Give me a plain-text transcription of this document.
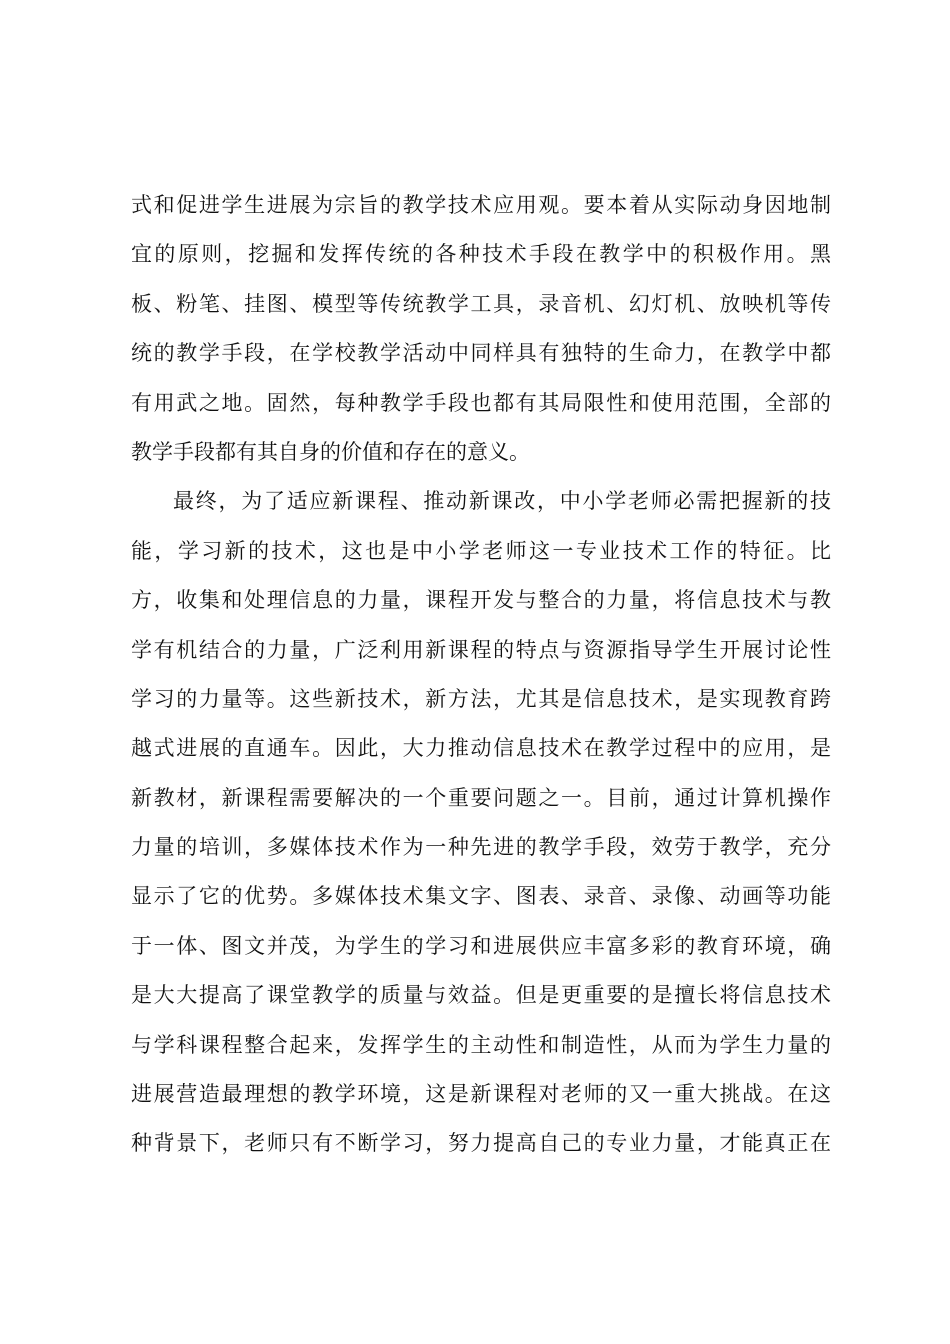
式和促进学生进展为宗旨的教学技术应用观。要本着从实际动身因地制
宜的原则，挖掘和发挥传统的各种技术手段在教学中的积极作用。黑
板、粉笔、挂图、模型等传统教学工具，录音机、幻灯机、放映机等传
统的教学手段，在学校教学活动中同样具有独特的生命力，在教学中都
有用武之地。固然，每种教学手段也都有其局限性和使用范围，全部的
教学手段都有其自身的价值和存在的意义。
最终，为了适应新课程、推动新课改，中小学老师必需把握新的技
能，学习新的技术，这也是中小学老师这一专业技术工作的特征。比
方，收集和处理信息的力量，课程开发与整合的力量，将信息技术与教
学有机结合的力量，广泛利用新课程的特点与资源指导学生开展讨论性
学习的力量等。这些新技术，新方法，尤其是信息技术，是实现教育跨
越式进展的直通车。因此，大力推动信息技术在教学过程中的应用，是
新教材，新课程需要解决的一个重要问题之一。目前，通过计算机操作
力量的培训，多媒体技术作为一种先进的教学手段，效劳于教学，充分
显示了它的优势。多媒体技术集文字、图表、录音、录像、动画等功能
于一体、图文并茂，为学生的学习和进展供应丰富多彩的教育环境，确
是大大提高了课堂教学的质量与效益。但是更重要的是擅长将信息技术
与学科课程整合起来，发挥学生的主动性和制造性，从而为学生力量的
进展营造最理想的教学环境，这是新课程对老师的又一重大挑战。在这
种背景下，老师只有不断学习，努力提高自己的专业力量，才能真正在
